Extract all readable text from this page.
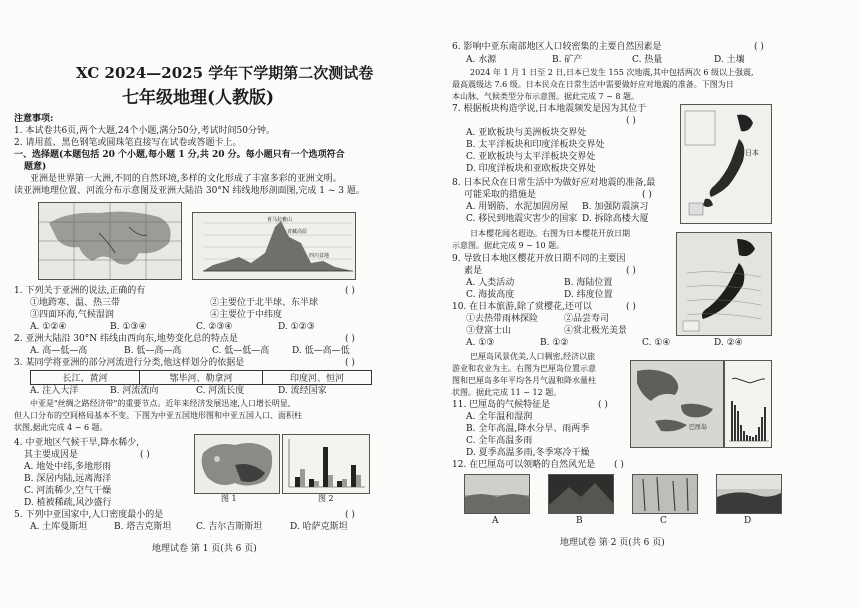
XC 2024—2025 学年下学期第二次测试卷
七年级地理(人教版)
注意事项:
1. 本试卷共6页,两个大题,24个小题,满分50分,考试时间50分钟。
2. 请用蓝、黑色钢笔或圆珠笔直接写在试卷或答题卡上。
一、选择题(本题包括 20 个小题,每小题 1 分,共 20 分。每小题只有一个选项符合
题意)
亚洲是世界第一大洲,不同的自然环境,多样的文化形成了丰富多彩的亚洲文明。
读亚洲地理位置、河流分布示意图及亚洲大陆沿 30°N 纬线地形剖面图,完成 1 ~ 3 题。
喜马拉雅山
青藏高原
四川盆地
1. 下列关于亚洲的说法,正确的有	( )
①地跨寒、温、热三带	②主要位于北半球、东半球
③四面环海,气候湿润	④主要位于中纬度
A. ①②④	B. ①③④	C. ②③④	D. ①②③
2. 亚洲大陆沿 30°N 纬线由西向东,地势变化总的特点是	( )
A. 高—低—高	B. 低—高—高	C. 低—低—高	D. 低—高—低
3. 某同学将亚洲的部分河流进行分类,他这样划分的依据是	( )
长江、黄河	鄂毕河、勒拿河	印度河、恒河
A. 注入大洋	B. 河流流向	C. 河流长度	D. 流经国家
中亚是"丝绸之路经济带"的重要节点。近年来经济发展迅速,人口增长明显,
但人口分布的空间格局基本不变。下图为中亚五国地形图和中亚五国人口、面积柱
状图,据此完成 4 ~ 6 题。
图 1	图 2
4. 中亚地区气候干旱,降水稀少,
其主要成因是	( )
A. 地处中纬,多地形雨
B. 深居内陆,远离海洋
C. 河流稀少,空气干燥
D. 植被稀疏,风沙盛行
5. 下列中亚国家中,人口密度最小的是	( )
A. 土库曼斯坦	B. 塔吉克斯坦	C. 吉尔吉斯斯坦	D. 哈萨克斯坦
地理试卷 第 1 页(共 6 页)
6. 影响中亚东南部地区人口较密集的主要自然因素是	( )
A. 水源	B. 矿产	C. 热量	D. 土壤
2024 年 1 月 1 日至 2 日,日本已发生 155 次地震,其中包括两次 6 级以上强震,
最高震级达 7.6 级。日本民众在日常生活中需要做好应对地震的准备。下图为日
本山脉、气候类型分布示意图。据此完成 7 ~ 8 题。
日本
7. 根据板块构造学说,日本地震频发是因为其位于
( )
A. 亚欧板块与美洲板块交界处
B. 太平洋板块和印度洋板块交界处
C. 亚欧板块与太平洋板块交界处
D. 印度洋板块和亚欧板块交界处
8. 日本民众在日常生活中为做好应对地震的准备,最
可能采取的措施是	( )
A. 用钢筋、水泥加固房屋 B. 加强防震演习
C. 移民到地震灾害少的国家 D. 拆除高楼大厦
日本樱花闻名遐迩。右图为日本樱花开放日期
示意图。据此完成 9 ~ 10 题。
9. 导致日本地区樱花开放日期不同的主要因
素是	( )
A. 人类活动	B. 海陆位置
C. 海拔高度	D. 纬度位置
10. 在日本旅游,除了赏樱花,还可以	( )
①去热带雨林探险	②品尝寿司
③登富士山	④赏北极光美景
A. ①③	B. ①②	C. ①④	D. ②④
巴厘岛风景优美,人口稠密,经济以旅
游业和农业为主。右图为巴厘岛位置示意
图和巴厘岛多年平均各月气温和降水量柱
状图。据此完成 11 ~ 12 题。
巴厘岛
11. 巴厘岛的气候特征是	( )
A. 全年温和湿润
B. 全年高温,降水分旱、雨两季
C. 全年高温多雨
D. 夏季高温多雨,冬季寒冷干燥
12. 在巴厘岛可以领略的自然风光是 ( )
A	B	C	D
地理试卷 第 2 页(共 6 页)
